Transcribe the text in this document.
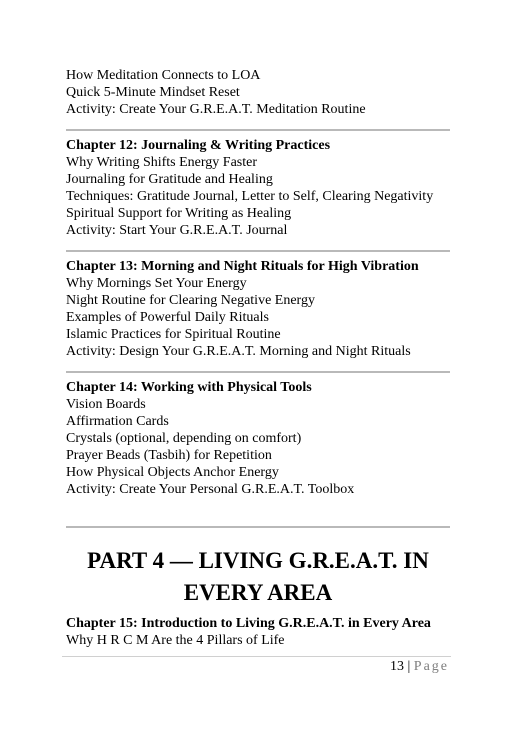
How Meditation Connects to LOA
Quick 5-Minute Mindset Reset
Activity: Create Your G.R.E.A.T. Meditation Routine
Chapter 12: Journaling & Writing Practices
Why Writing Shifts Energy Faster
Journaling for Gratitude and Healing
Techniques: Gratitude Journal, Letter to Self, Clearing Negativity
Spiritual Support for Writing as Healing
Activity: Start Your G.R.E.A.T. Journal
Chapter 13: Morning and Night Rituals for High Vibration
Why Mornings Set Your Energy
Night Routine for Clearing Negative Energy
Examples of Powerful Daily Rituals
Islamic Practices for Spiritual Routine
Activity: Design Your G.R.E.A.T. Morning and Night Rituals
Chapter 14: Working with Physical Tools
Vision Boards
Affirmation Cards
Crystals (optional, depending on comfort)
Prayer Beads (Tasbih) for Repetition
How Physical Objects Anchor Energy
Activity: Create Your Personal G.R.E.A.T. Toolbox
PART 4 — LIVING G.R.E.A.T. IN
EVERY AREA
Chapter 15: Introduction to Living G.R.E.A.T. in Every Area
Why H R C M Are the 4 Pillars of Life
13 | Page
